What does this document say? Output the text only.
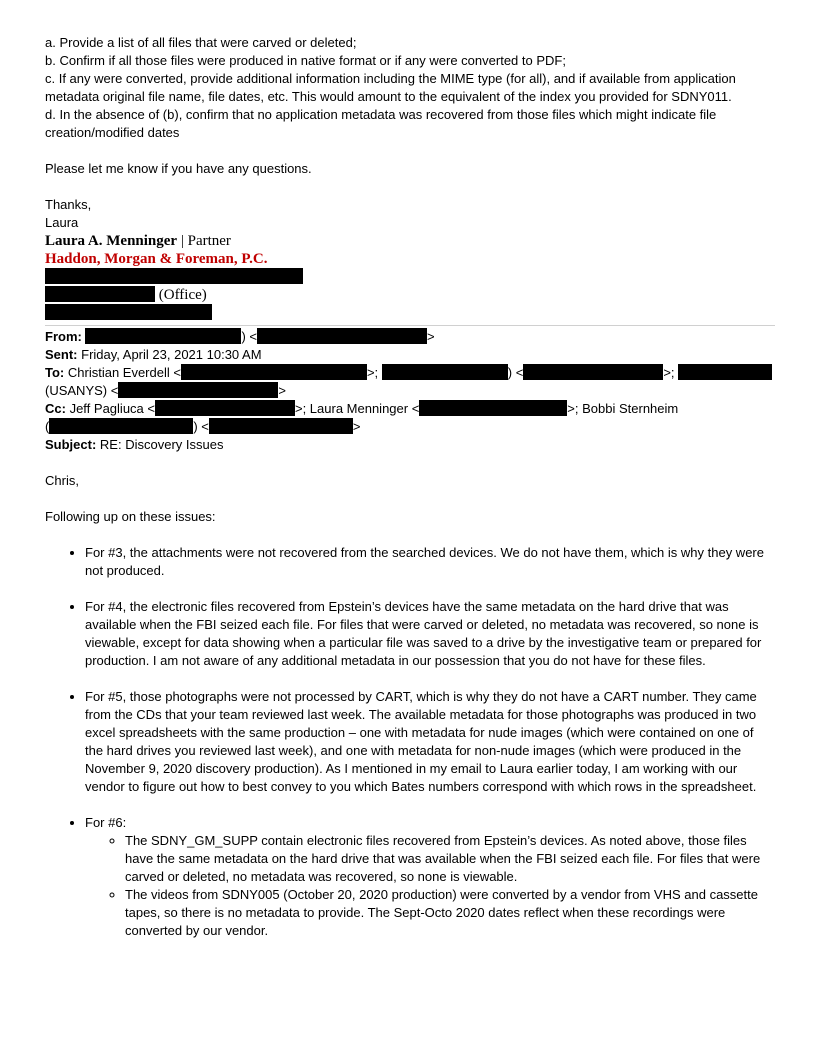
a. Provide a list of all files that were carved or deleted;

b. Confirm if all those files were produced in native format or if any were converted to PDF;

c. If any were converted, provide additional information including the MIME type (for all), and if available from application metadata original file name, file dates, etc. This would amount to the equivalent of the index you provided for SDNY011.

d. In the absence of (b), confirm that no application metadata was recovered from those files which might indicate file creation/modified dates

Please let me know if you have any questions.

Thanks,

Laura

Laura A. Menninger | Partner
Haddon, Morgan & Foreman, P.C.
(Office)

From:	) <	>

Sent: Friday, April 23, 2021 10:30 AM

To: Christian Everdell <	>;	) <	>;

(USANYS) <	>

Cc: Jeff Pagliuca <	>; Laura Menninger <	>; Bobbi Sternheim

(	) <	>

Subject: RE: Discovery Issues

Chris,

Following up on these issues:

• For #3, the attachments were not recovered from the searched devices. We do not have them, which is why they were not produced.
• For #4, the electronic files recovered from Epstein’s devices have the same metadata on the hard drive that was available when the FBI seized each file. For files that were carved or deleted, no metadata was recovered, so none is viewable, except for data showing when a particular file was saved to a drive by the investigative team or prepared for production. I am not aware of any additional metadata in our possession that you do not have for these files.
• For #5, those photographs were not processed by CART, which is why they do not have a CART number. They came from the CDs that your team reviewed last week. The available metadata for those photographs was produced in two excel spreadsheets with the same production – one with metadata for nude images (which were contained on one of the hard drives you reviewed last week), and one with metadata for non-nude images (which were produced in the November 9, 2020 discovery production). As I mentioned in my email to Laura earlier today, I am working with our vendor to figure out how to best convey to you which Bates numbers correspond with which rows in the spreadsheet.
• For #6:
◦ The SDNY_GM_SUPP contain electronic files recovered from Epstein’s devices. As noted above, those files have the same metadata on the hard drive that was available when the FBI seized each file. For files that were carved or deleted, no metadata was recovered, so none is viewable.
◦ The videos from SDNY005 (October 20, 2020 production) were converted by a vendor from VHS and cassette tapes, so there is no metadata to provide. The Sept-Octo 2020 dates reflect when these recordings were converted by our vendor.
